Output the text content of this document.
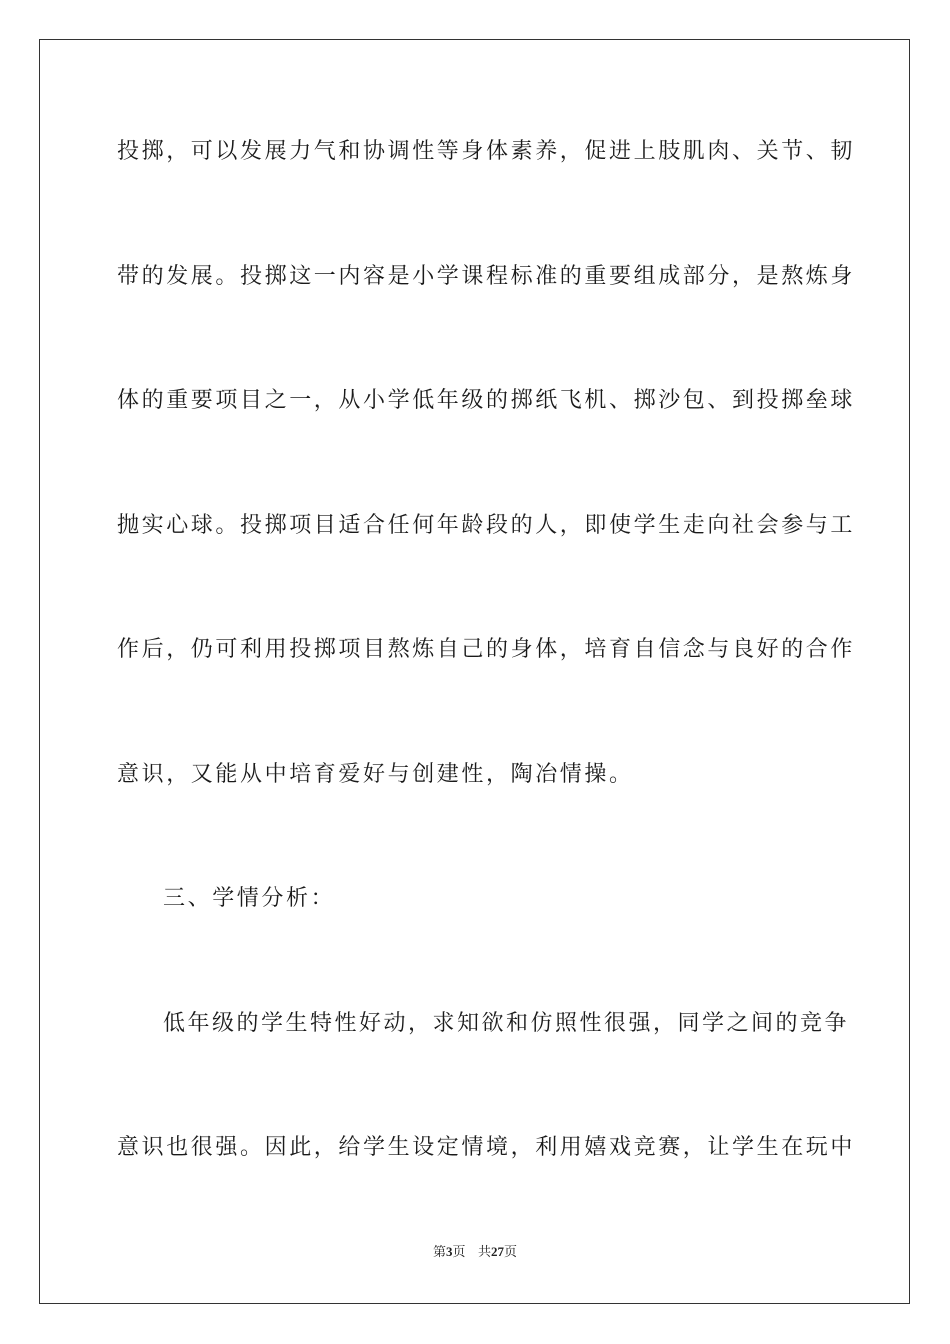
投掷，可以发展力气和协调性等身体素养，促进上肢肌肉、关节、韧
带的发展。投掷这一内容是小学课程标准的重要组成部分，是熬炼身
体的重要项目之一，从小学低年级的掷纸飞机、掷沙包、到投掷垒球
抛实心球。投掷项目适合任何年龄段的人，即使学生走向社会参与工
作后，仍可利用投掷项目熬炼自己的身体，培育自信念与良好的合作
意识，又能从中培育爱好与创建性，陶冶情操。
三、学情分析：
低年级的学生特性好动，求知欲和仿照性很强，同学之间的竞争
意识也很强。因此，给学生设定情境，利用嬉戏竞赛，让学生在玩中
第3页 共27页
